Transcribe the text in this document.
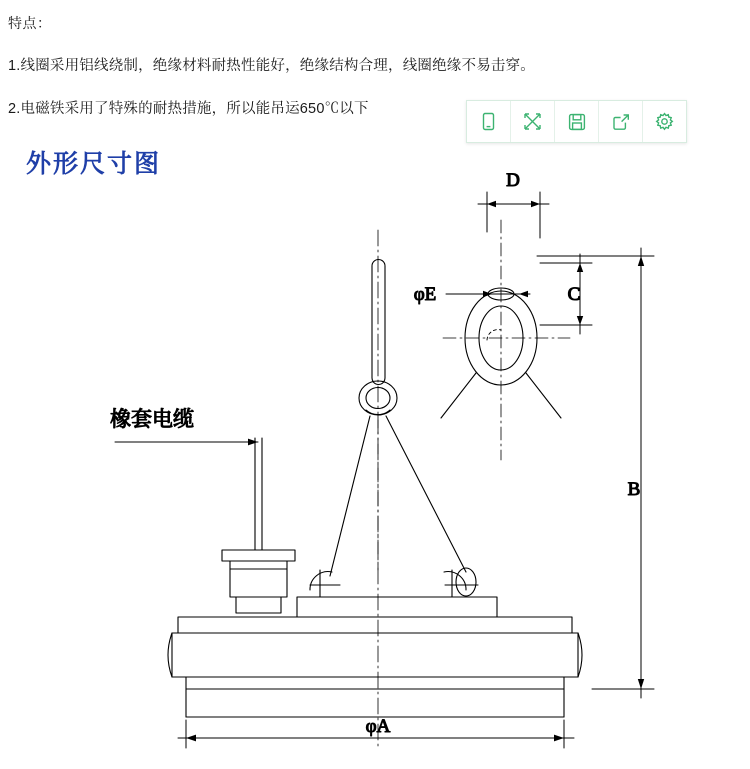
特点：

1.线圈采用铝线绕制，绝缘材料耐热性能好，绝缘结构合理，线圈绝缘不易击穿。

2.电磁铁采用了特殊的耐热措施，所以能吊运650℃以下

外形尺寸图
D
C
φE
B
橡套电缆
φA
